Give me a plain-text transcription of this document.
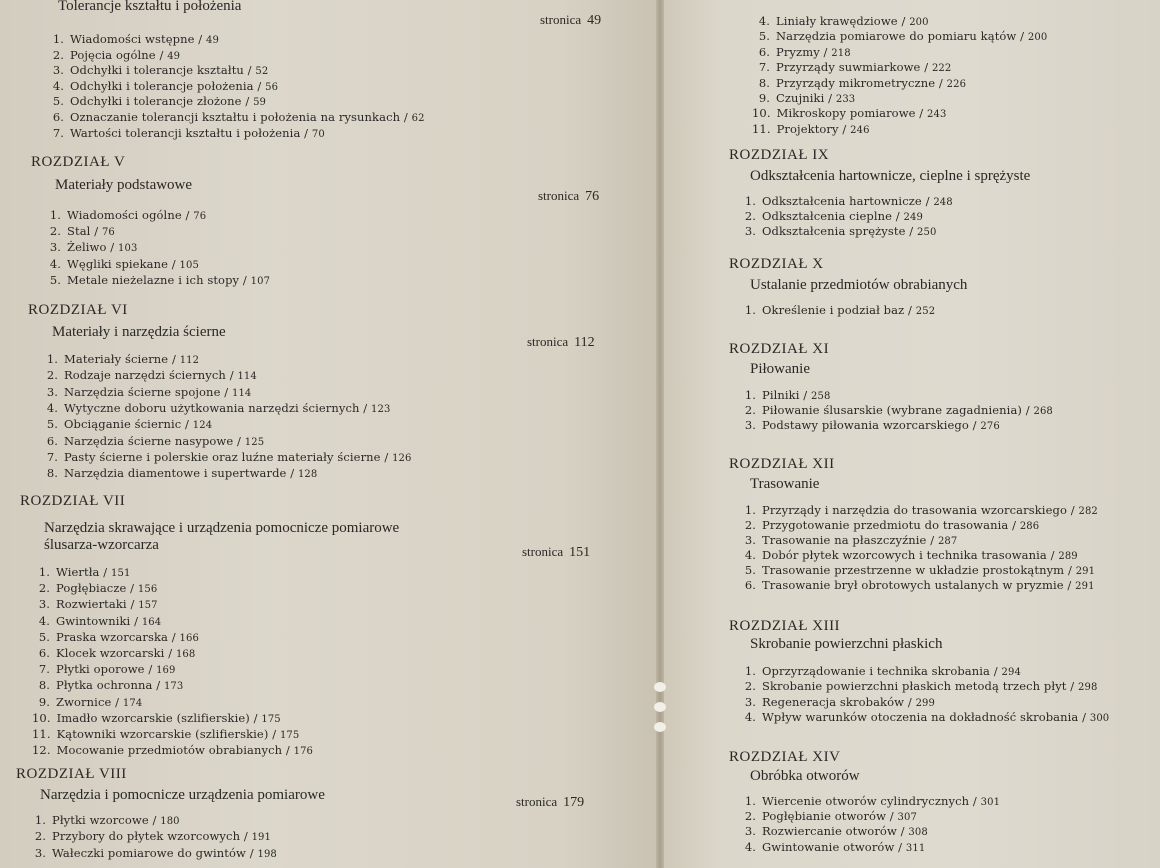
Tolerancje kształtu i położenia
stronica 49
1. Wiadomości wstępne / 49
2. Pojęcia ogólne / 49
3. Odchyłki i tolerancje kształtu / 52
4. Odchyłki i tolerancje położenia / 56
5. Odchyłki i tolerancje złożone / 59
6. Oznaczanie tolerancji kształtu i położenia na rysunkach / 62
7. Wartości tolerancji kształtu i położenia / 70
ROZDZIAŁ V
Materiały podstawowe
stronica 76
1. Wiadomości ogólne / 76
2. Stal / 76
3. Żeliwo / 103
4. Węgliki spiekane / 105
5. Metale nieżelazne i ich stopy / 107
ROZDZIAŁ VI
Materiały i narzędzia ścierne
stronica 112
1. Materiały ścierne / 112
2. Rodzaje narzędzi ściernych / 114
3. Narzędzia ścierne spojone / 114
4. Wytyczne doboru użytkowania narzędzi ściernych / 123
5. Obciąganie ściernic / 124
6. Narzędzia ścierne nasypowe / 125
7. Pasty ścierne i polerskie oraz luźne materiały ścierne / 126
8. Narzędzia diamentowe i supertwarde / 128
ROZDZIAŁ VII
Narzędzia skrawające i urządzenia pomocnicze pomiarowe
ślusarza-wzorcarza	stronica 151
1. Wiertła / 151
2. Pogłębiacze / 156
3. Rozwiertaki / 157
4. Gwintowniki / 164
5. Praska wzorcarska / 166
6. Klocek wzorcarski / 168
7. Płytki oporowe / 169
8. Płytka ochronna / 173
9. Zwornice / 174
10. Imadło wzorcarskie (szlifierskie) / 175
11. Kątowniki wzorcarskie (szlifierskie) / 175
12. Mocowanie przedmiotów obrabianych / 176
ROZDZIAŁ VIII
Narzędzia i pomocnicze urządzenia pomiarowe	stronica 179
1. Płytki wzorcowe / 180
2. Przybory do płytek wzorcowych / 191
3. Wałeczki pomiarowe do gwintów / 198
4. Liniały krawędziowe / 200
5. Narzędzia pomiarowe do pomiaru kątów / 200
6. Pryzmy / 218
7. Przyrządy suwmiarkowe / 222
8. Przyrządy mikrometryczne / 226
9. Czujniki / 233
10. Mikroskopy pomiarowe / 243
11. Projektory / 246
ROZDZIAŁ IX
Odkształcenia hartownicze, cieplne i sprężyste
1. Odkształcenia hartownicze / 248
2. Odkształcenia cieplne / 249
3. Odkształcenia sprężyste / 250
ROZDZIAŁ X
Ustalanie przedmiotów obrabianych
1. Określenie i podział baz / 252
ROZDZIAŁ XI
Piłowanie
1. Pilniki / 258
2. Piłowanie ślusarskie (wybrane zagadnienia) / 268
3. Podstawy piłowania wzorcarskiego / 276
ROZDZIAŁ XII
Trasowanie
1. Przyrządy i narzędzia do trasowania wzorcarskiego / 282
2. Przygotowanie przedmiotu do trasowania / 286
3. Trasowanie na płaszczyźnie / 287
4. Dobór płytek wzorcowych i technika trasowania / 289
5. Trasowanie przestrzenne w układzie prostokątnym / 291
6. Trasowanie brył obrotowych ustalanych w pryzmie / 291
ROZDZIAŁ XIII
Skrobanie powierzchni płaskich
1. Oprzyrządowanie i technika skrobania / 294
2. Skrobanie powierzchni płaskich metodą trzech płyt / 298
3. Regeneracja skrobaków / 299
4. Wpływ warunków otoczenia na dokładność skrobania / 300
ROZDZIAŁ XIV
Obróbka otworów
1. Wiercenie otworów cylindrycznych / 301
2. Pogłębianie otworów / 307
3. Rozwiercanie otworów / 308
4. Gwintowanie otworów / 311
